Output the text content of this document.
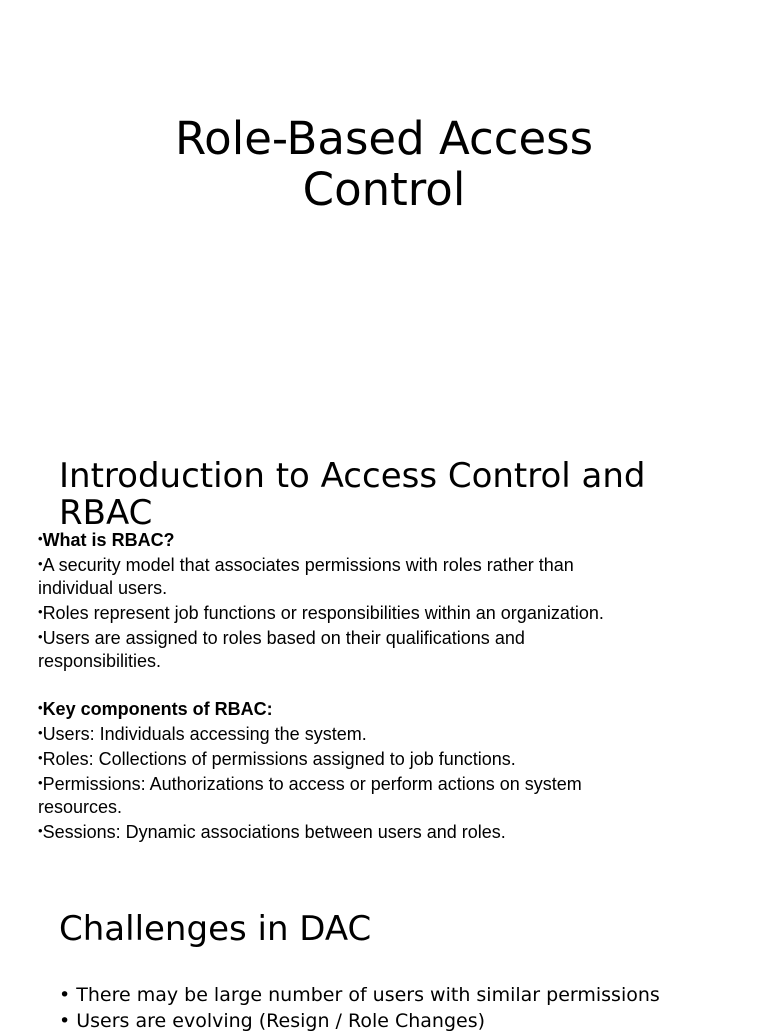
Role-Based Access
Control
Introduction to Access Control and
RBAC
•What is RBAC?
•A security model that associates permissions with roles rather than
individual users.
•Roles represent job functions or responsibilities within an organization.
•Users are assigned to roles based on their qualifications and
responsibilities.
•Key components of RBAC:
•Users: Individuals accessing the system.
•Roles: Collections of permissions assigned to job functions.
•Permissions: Authorizations to access or perform actions on system
resources.
•Sessions: Dynamic associations between users and roles.
Challenges in DAC
• There may be large number of users with similar permissions
• Users are evolving (Resign / Role Changes)
